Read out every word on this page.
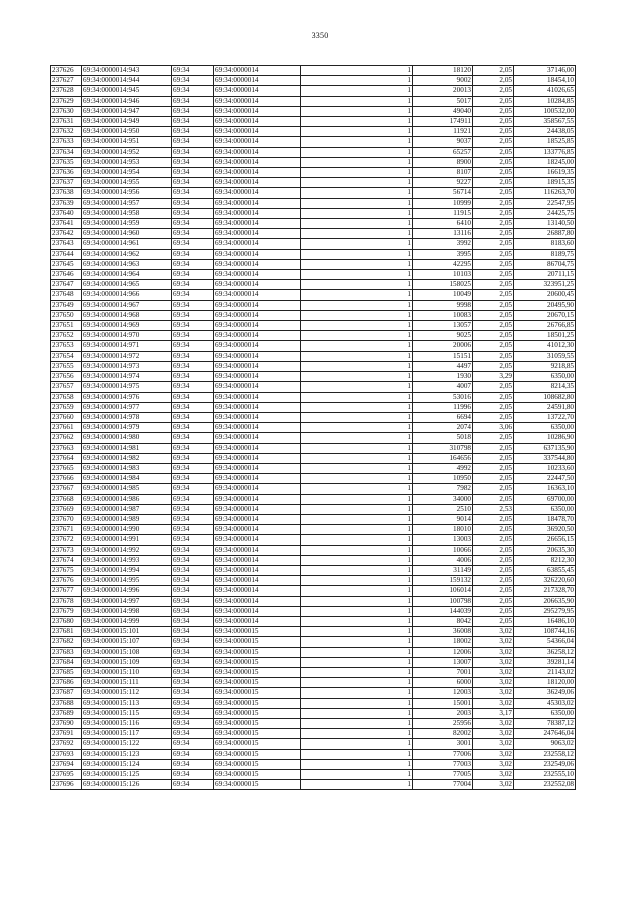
3350
237626	69:34:0000014:943	69:34	69:34:0000014	1	18120	2,05	37146,00
237627	69:34:0000014:944	69:34	69:34:0000014	1	9002	2,05	18454,10
237628	69:34:0000014:945	69:34	69:34:0000014	1	20013	2,05	41026,65
237629	69:34:0000014:946	69:34	69:34:0000014	1	5017	2,05	10284,85
237630	69:34:0000014:947	69:34	69:34:0000014	1	49040	2,05	100532,00
237631	69:34:0000014:949	69:34	69:34:0000014	1	174911	2,05	358567,55
237632	69:34:0000014:950	69:34	69:34:0000014	1	11921	2,05	24438,05
237633	69:34:0000014:951	69:34	69:34:0000014	1	9037	2,05	18525,85
237634	69:34:0000014:952	69:34	69:34:0000014	1	65257	2,05	133776,85
237635	69:34:0000014:953	69:34	69:34:0000014	1	8900	2,05	18245,00
237636	69:34:0000014:954	69:34	69:34:0000014	1	8107	2,05	16619,35
237637	69:34:0000014:955	69:34	69:34:0000014	1	9227	2,05	18915,35
237638	69:34:0000014:956	69:34	69:34:0000014	1	56714	2,05	116263,70
237639	69:34:0000014:957	69:34	69:34:0000014	1	10999	2,05	22547,95
237640	69:34:0000014:958	69:34	69:34:0000014	1	11915	2,05	24425,75
237641	69:34:0000014:959	69:34	69:34:0000014	1	6410	2,05	13140,50
237642	69:34:0000014:960	69:34	69:34:0000014	1	13116	2,05	26887,80
237643	69:34:0000014:961	69:34	69:34:0000014	1	3992	2,05	8183,60
237644	69:34:0000014:962	69:34	69:34:0000014	1	3995	2,05	8189,75
237645	69:34:0000014:963	69:34	69:34:0000014	1	42295	2,05	86704,75
237646	69:34:0000014:964	69:34	69:34:0000014	1	10103	2,05	20711,15
237647	69:34:0000014:965	69:34	69:34:0000014	1	158025	2,05	323951,25
237648	69:34:0000014:966	69:34	69:34:0000014	1	10049	2,05	20600,45
237649	69:34:0000014:967	69:34	69:34:0000014	1	9998	2,05	20495,90
237650	69:34:0000014:968	69:34	69:34:0000014	1	10083	2,05	20670,15
237651	69:34:0000014:969	69:34	69:34:0000014	1	13057	2,05	26766,85
237652	69:34:0000014:970	69:34	69:34:0000014	1	9025	2,05	18501,25
237653	69:34:0000014:971	69:34	69:34:0000014	1	20006	2,05	41012,30
237654	69:34:0000014:972	69:34	69:34:0000014	1	15151	2,05	31059,55
237655	69:34:0000014:973	69:34	69:34:0000014	1	4497	2,05	9218,85
237656	69:34:0000014:974	69:34	69:34:0000014	1	1930	3,29	6350,00
237657	69:34:0000014:975	69:34	69:34:0000014	1	4007	2,05	8214,35
237658	69:34:0000014:976	69:34	69:34:0000014	1	53016	2,05	108682,80
237659	69:34:0000014:977	69:34	69:34:0000014	1	11996	2,05	24591,80
237660	69:34:0000014:978	69:34	69:34:0000014	1	6694	2,05	13722,70
237661	69:34:0000014:979	69:34	69:34:0000014	1	2074	3,06	6350,00
237662	69:34:0000014:980	69:34	69:34:0000014	1	5018	2,05	10286,90
237663	69:34:0000014:981	69:34	69:34:0000014	1	310798	2,05	637135,90
237664	69:34:0000014:982	69:34	69:34:0000014	1	164656	2,05	337544,80
237665	69:34:0000014:983	69:34	69:34:0000014	1	4992	2,05	10233,60
237666	69:34:0000014:984	69:34	69:34:0000014	1	10950	2,05	22447,50
237667	69:34:0000014:985	69:34	69:34:0000014	1	7982	2,05	16363,10
237668	69:34:0000014:986	69:34	69:34:0000014	1	34000	2,05	69700,00
237669	69:34:0000014:987	69:34	69:34:0000014	1	2510	2,53	6350,00
237670	69:34:0000014:989	69:34	69:34:0000014	1	9014	2,05	18478,70
237671	69:34:0000014:990	69:34	69:34:0000014	1	18010	2,05	36920,50
237672	69:34:0000014:991	69:34	69:34:0000014	1	13003	2,05	26656,15
237673	69:34:0000014:992	69:34	69:34:0000014	1	10066	2,05	20635,30
237674	69:34:0000014:993	69:34	69:34:0000014	1	4006	2,05	8212,30
237675	69:34:0000014:994	69:34	69:34:0000014	1	31149	2,05	63855,45
237676	69:34:0000014:995	69:34	69:34:0000014	1	159132	2,05	326220,60
237677	69:34:0000014:996	69:34	69:34:0000014	1	106014	2,05	217328,70
237678	69:34:0000014:997	69:34	69:34:0000014	1	100798	2,05	206635,90
237679	69:34:0000014:998	69:34	69:34:0000014	1	144039	2,05	295279,95
237680	69:34:0000014:999	69:34	69:34:0000014	1	8042	2,05	16486,10
237681	69:34:0000015:101	69:34	69:34:0000015	1	36008	3,02	108744,16
237682	69:34:0000015:107	69:34	69:34:0000015	1	18002	3,02	54366,04
237683	69:34:0000015:108	69:34	69:34:0000015	1	12006	3,02	36258,12
237684	69:34:0000015:109	69:34	69:34:0000015	1	13007	3,02	39281,14
237685	69:34:0000015:110	69:34	69:34:0000015	1	7001	3,02	21143,02
237686	69:34:0000015:111	69:34	69:34:0000015	1	6000	3,02	18120,00
237687	69:34:0000015:112	69:34	69:34:0000015	1	12003	3,02	36249,06
237688	69:34:0000015:113	69:34	69:34:0000015	1	15001	3,02	45303,02
237689	69:34:0000015:115	69:34	69:34:0000015	1	2003	3,17	6350,00
237690	69:34:0000015:116	69:34	69:34:0000015	1	25956	3,02	78387,12
237691	69:34:0000015:117	69:34	69:34:0000015	1	82002	3,02	247646,04
237692	69:34:0000015:122	69:34	69:34:0000015	1	3001	3,02	9063,02
237693	69:34:0000015:123	69:34	69:34:0000015	1	77006	3,02	232558,12
237694	69:34:0000015:124	69:34	69:34:0000015	1	77003	3,02	232549,06
237695	69:34:0000015:125	69:34	69:34:0000015	1	77005	3,02	232555,10
237696	69:34:0000015:126	69:34	69:34:0000015	1	77004	3,02	232552,08
